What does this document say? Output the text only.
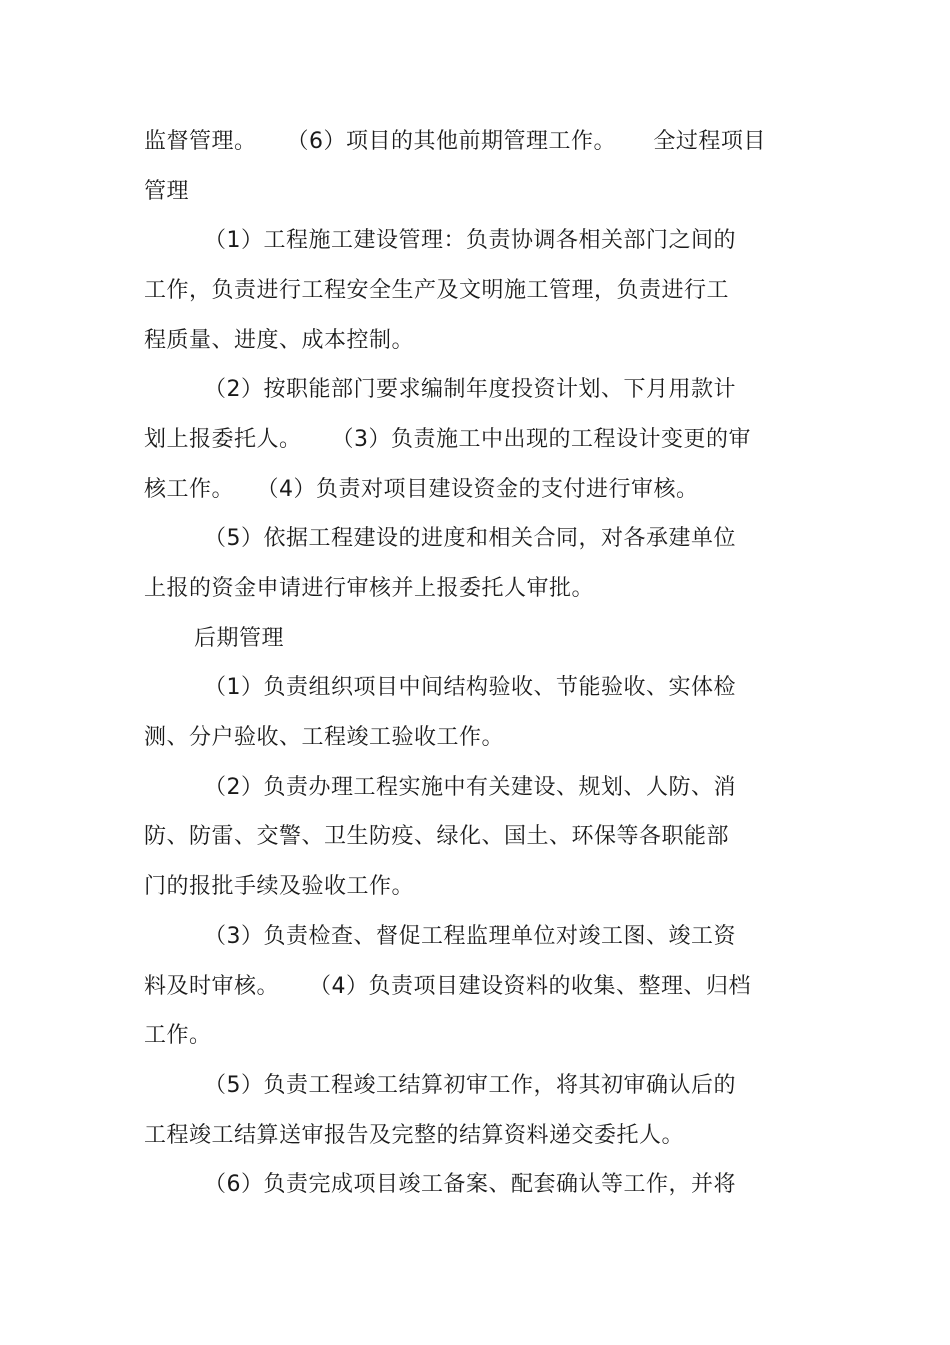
监督管理。    （6）项目的其他前期管理工作。     全过程项目
管理
（1）工程施工建设管理：负责协调各相关部门之间的
工作，负责进行工程安全生产及文明施工管理，负责进行工
程质量、进度、成本控制。
（2）按职能部门要求编制年度投资计划、下月用款计
划上报委托人。    （3）负责施工中出现的工程设计变更的审
核工作。   （4）负责对项目建设资金的支付进行审核。
（5）依据工程建设的进度和相关合同，对各承建单位
上报的资金申请进行审核并上报委托人审批。
后期管理
（1）负责组织项目中间结构验收、节能验收、实体检
测、分户验收、工程竣工验收工作。
（2）负责办理工程实施中有关建设、规划、人防、消
防、防雷、交警、卫生防疫、绿化、国土、环保等各职能部
门的报批手续及验收工作。
（3）负责检查、督促工程监理单位对竣工图、竣工资
料及时审核。    （4）负责项目建设资料的收集、整理、归档
工作。
（5）负责工程竣工结算初审工作，将其初审确认后的
工程竣工结算送审报告及完整的结算资料递交委托人。
（6）负责完成项目竣工备案、配套确认等工作，并将
